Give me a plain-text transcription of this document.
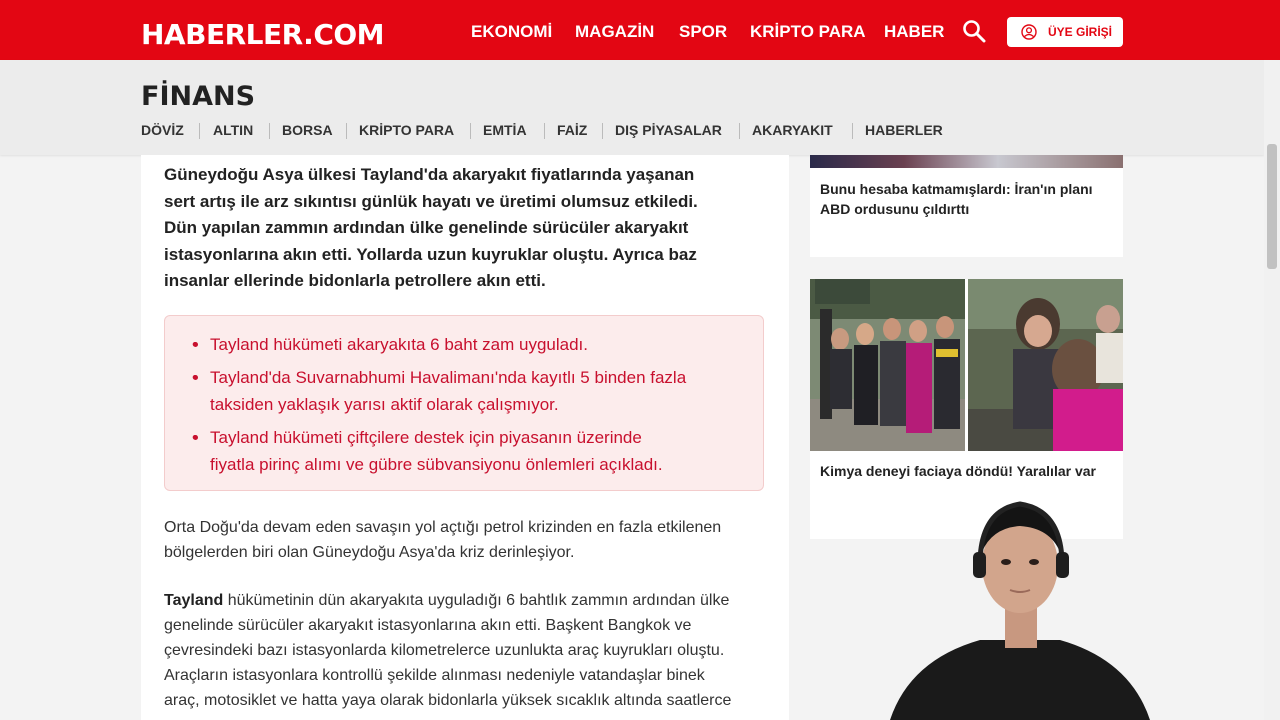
HABERLER.COM	EKONOMİ MAGAZİN SPOR KRİPTO PARA HABER	ÜYE GİRİŞİ
FİNANS
DÖVİZ ALTIN BORSA KRİPTO PARA EMTİA FAİZ DIŞ PİYASALAR AKARYAKIT HABERLER
Güneydoğu Asya ülkesi Tayland'da akaryakıt fiyatlarında yaşanan
sert artış ile arz sıkıntısı günlük hayatı ve üretimi olumsuz etkiledi.
Dün yapılan zammın ardından ülke genelinde sürücüler akaryakıt
istasyonlarına akın etti. Yollarda uzun kuyruklar oluştu. Ayrıca baz
insanlar ellerinde bidonlarla petrollere akın etti.
• • Tayland hükümeti akaryakıta 6 baht zam uyguladı.
• • Tayland'da Suvarnabhumi Havalimanı'nda kayıtlı 5 binden fazla
taksiden yaklaşık yarısı aktif olarak çalışmıyor.
• • Tayland hükümeti çiftçilere destek için piyasanın üzerinde
fiyatla pirinç alımı ve gübre sübvansiyonu önlemleri açıkladı.
Orta Doğu'da devam eden savaşın yol açtığı petrol krizinden en fazla etkilenen
bölgelerden biri olan Güneydoğu Asya'da kriz derinleşiyor.
Tayland hükümetinin dün akaryakıta uyguladığı 6 bahtlık zammın ardından ülke
genelinde sürücüler akaryakıt istasyonlarına akın etti. Başkent Bangkok ve
çevresindeki bazı istasyonlarda kilometrelerce uzunlukta araç kuyrukları oluştu.
Araçların istasyonlara kontrollü şekilde alınması nedeniyle vatandaşlar binek
araç, motosiklet ve hatta yaya olarak bidonlarla yüksek sıcaklık altında saatlerce
Bunu hesaba katmamışlardı: İran'ın planı
ABD ordusunu çıldırttı
Kimya deneyi faciaya döndü! Yaralılar var
